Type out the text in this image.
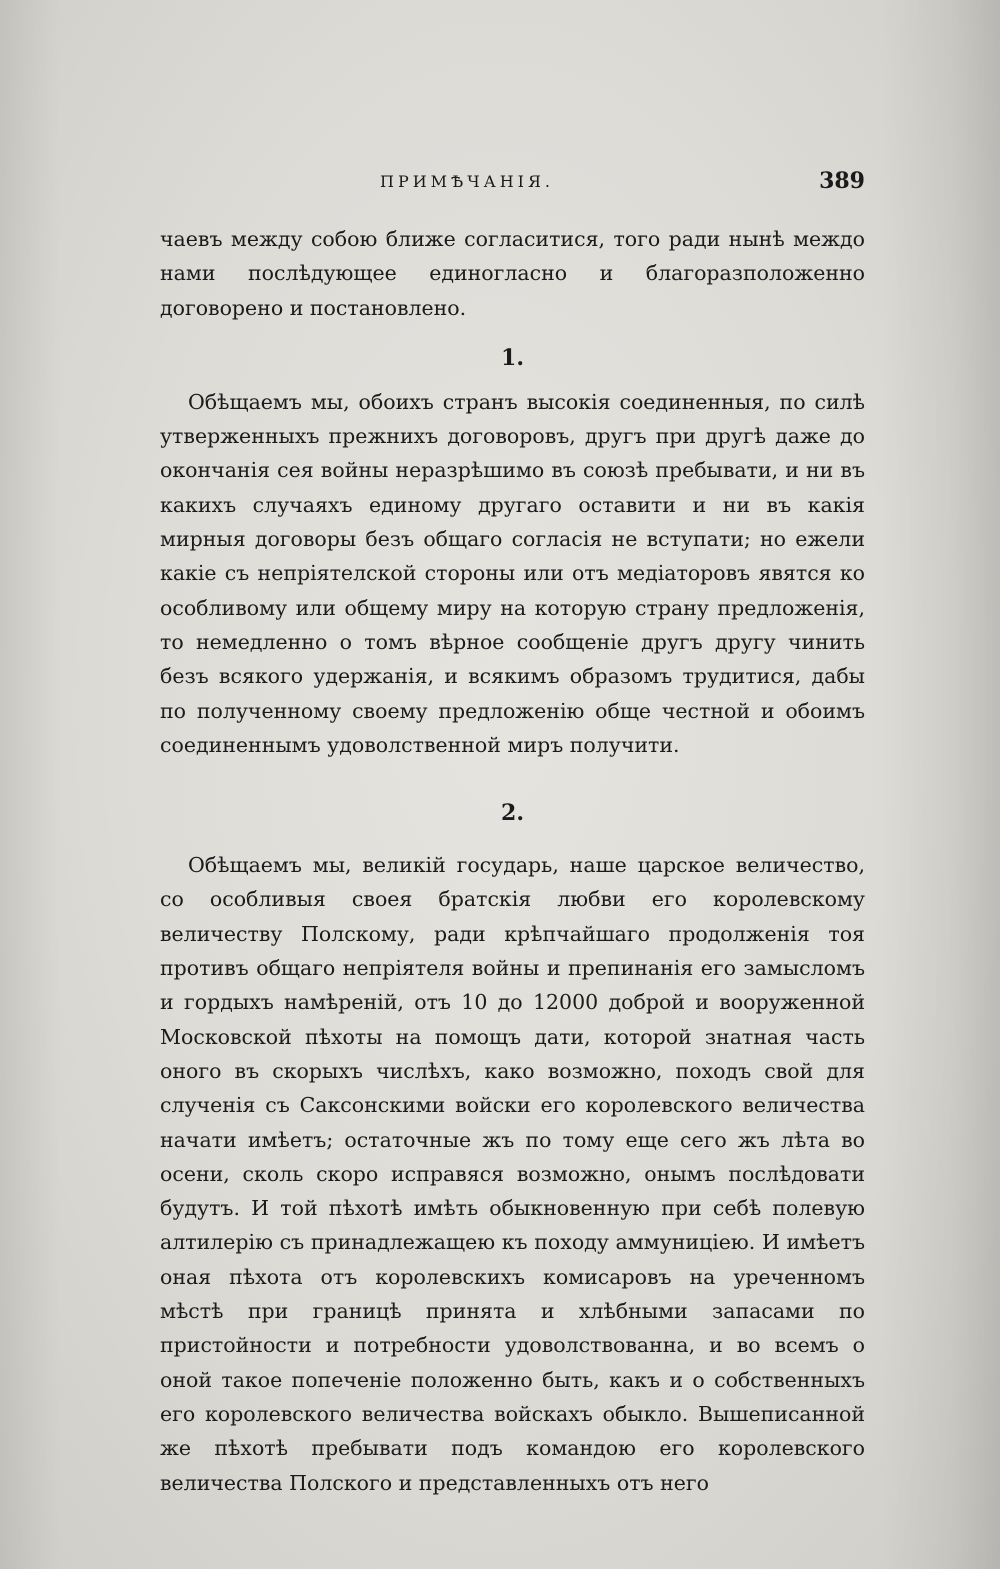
ПРИМѢЧАНІЯ.	389

чаевъ между собою ближе согласитися, того ради нынѣ междо нами послѣдующее единогласно и благоразположенно договорено и постановлено.

1.

Обѣщаемъ мы, обоихъ странъ высокія соединенныя, по силѣ утверженныхъ прежнихъ договоровъ, другъ при другѣ даже до окончанія сея войны неразрѣшимо въ союзѣ пребывати, и ни въ какихъ случаяхъ единому другаго оставити и ни въ какія мирныя договоры безъ общаго согласія не вступати; но ежели какіе съ непріятелской стороны или отъ медіаторовъ явятся ко особливому или общему миру на которую страну предложенія, то немедленно о томъ вѣрное сообщеніе другъ другу чинить безъ всякого удержанія, и всякимъ образомъ трудитися, дабы по полученному своему предложенію обще честной и обоимъ соединеннымъ удоволственной миръ получити.

2.

Обѣщаемъ мы, великій государь, наше царское величество, со особливыя своея братскія любви его королевскому величеству Полскому, ради крѣпчайшаго продолженія тоя противъ общаго непріятеля войны и препинанія его замысломъ и гордыхъ намѣреній, отъ 10 до 12000 доброй и вооруженной Московской пѣхоты на помощъ дати, которой знатная часть оного въ скорыхъ числѣхъ, како возможно, походъ свой для слученія съ Саксонскими войски его королевского величества начати имѣетъ; остаточные жъ по тому еще сего жъ лѣта во осени, сколь скоро исправяся возможно, онымъ послѣдовати будутъ. И той пѣхотѣ имѣть обыкновенную при себѣ полевую алтилерію съ принадлежащею къ походу аммуниціею. И имѣетъ оная пѣхота отъ королевскихъ комисаровъ на уреченномъ мѣстѣ при границѣ принята и хлѣбными запасами по пристойности и потребности удоволствованна, и во всемъ о оной такое попеченіе положенно быть, какъ и о собственныхъ его королевского величества войскахъ обыкло. Вышеписанной же пѣхотѣ пребывати подъ командою его королевского величества Полского и представленныхъ отъ него
